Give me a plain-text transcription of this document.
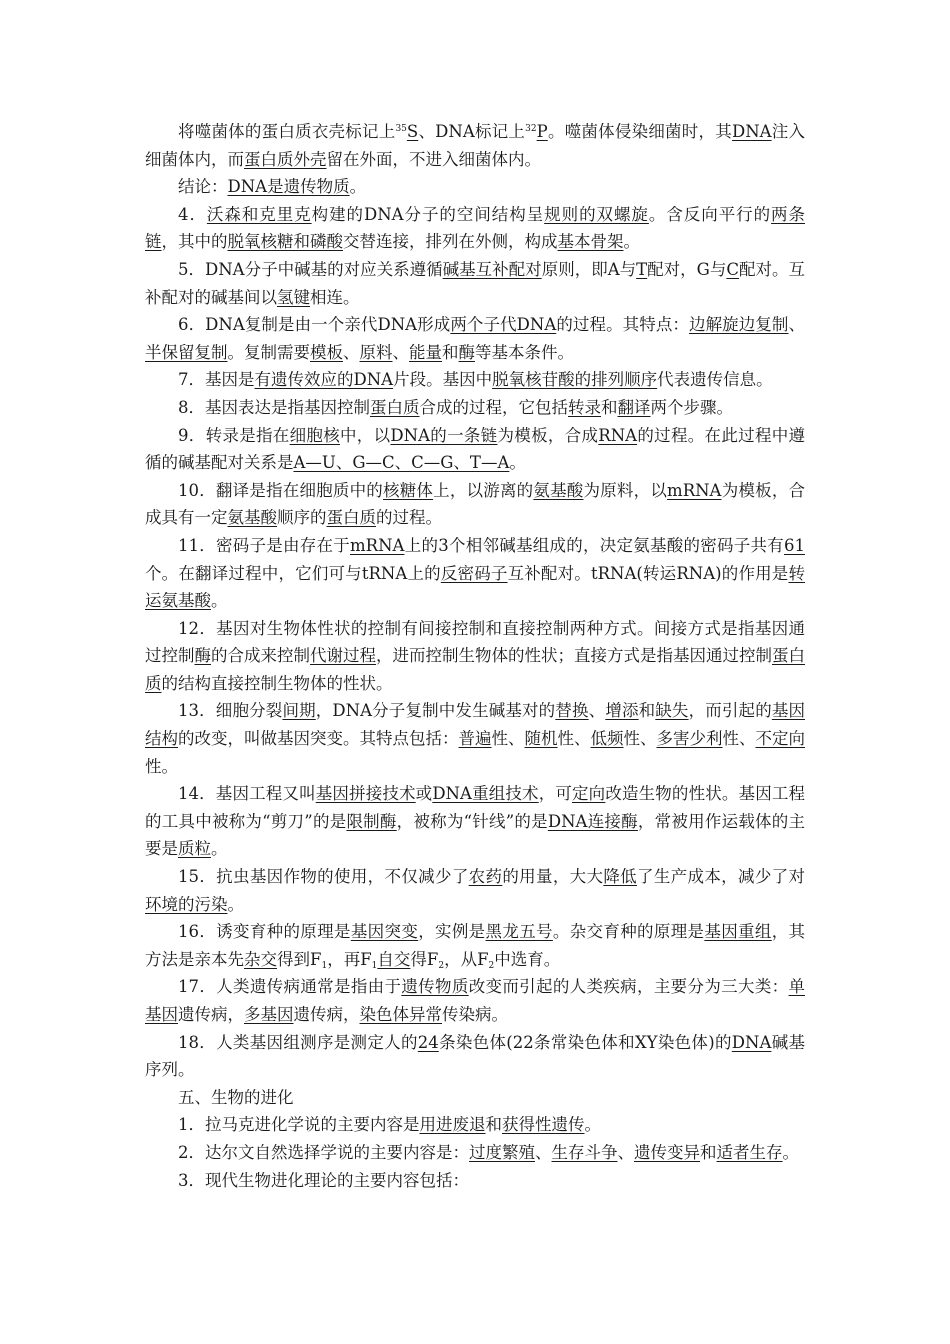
将噬菌体的蛋白质衣壳标记上$^{35}$S、DNA标记上$^{32}$P。噬菌体侵染细菌时，其DNA注入细菌体内，而蛋白质外壳留在外面，不进入细菌体内。

结论：DNA是遗传物质。

4．沃森和克里克构建的DNA分子的空间结构呈规则的双螺旋。含反向平行的两条链，其中的脱氧核糖和磷酸交替连接，排列在外侧，构成基本骨架。

5．DNA分子中碱基的对应关系遵循碱基互补配对原则，即A与T配对，G与C配对。互补配对的碱基间以氢键相连。

6．DNA复制是由一个亲代DNA形成两个子代DNA的过程。其特点：边解旋边复制、半保留复制。复制需要模板、原料、能量和酶等基本条件。

7．基因是有遗传效应的DNA片段。基因中脱氧核苷酸的排列顺序代表遗传信息。

8．基因表达是指基因控制蛋白质合成的过程，它包括转录和翻译两个步骤。

9．转录是指在细胞核中，以DNA的一条链为模板，合成RNA的过程。在此过程中遵循的碱基配对关系是A—U、G—C、C—G、T—A。

10．翻译是指在细胞质中的核糖体上，以游离的氨基酸为原料，以mRNA为模板，合成具有一定氨基酸顺序的蛋白质的过程。

11．密码子是由存在于mRNA上的3个相邻碱基组成的，决定氨基酸的密码子共有61个。在翻译过程中，它们可与tRNA上的反密码子互补配对。tRNA(转运RNA)的作用是转运氨基酸。

12．基因对生物体性状的控制有间接控制和直接控制两种方式。间接方式是指基因通过控制酶的合成来控制代谢过程，进而控制生物体的性状；直接方式是指基因通过控制蛋白质的结构直接控制生物体的性状。

13．细胞分裂间期，DNA分子复制中发生碱基对的替换、增添和缺失，而引起的基因结构的改变，叫做基因突变。其特点包括：普遍性、随机性、低频性、多害少利性、不定向性。

14．基因工程又叫基因拼接技术或DNA重组技术，可定向改造生物的性状。基因工程的工具中被称为“剪刀”的是限制酶，被称为“针线”的是DNA连接酶，常被用作运载体的主要是质粒。

15．抗虫基因作物的使用，不仅减少了农药的用量，大大降低了生产成本，减少了对环境的污染。

16．诱变育种的原理是基因突变，实例是黑龙五号。杂交育种的原理是基因重组，其方法是亲本先杂交得到$F_1$，再$F_1$自交得$F_2$，从$F_2$中选育。

17．人类遗传病通常是指由于遗传物质改变而引起的人类疾病，主要分为三大类：单基因遗传病，多基因遗传病，染色体异常传染病。

18．人类基因组测序是测定人的24条染色体(22条常染色体和XY染色体)的DNA碱基序列。

五、生物的进化

1．拉马克进化学说的主要内容是用进废退和获得性遗传。

2．达尔文自然选择学说的主要内容是：过度繁殖、生存斗争、遗传变异和适者生存。

3．现代生物进化理论的主要内容包括：
